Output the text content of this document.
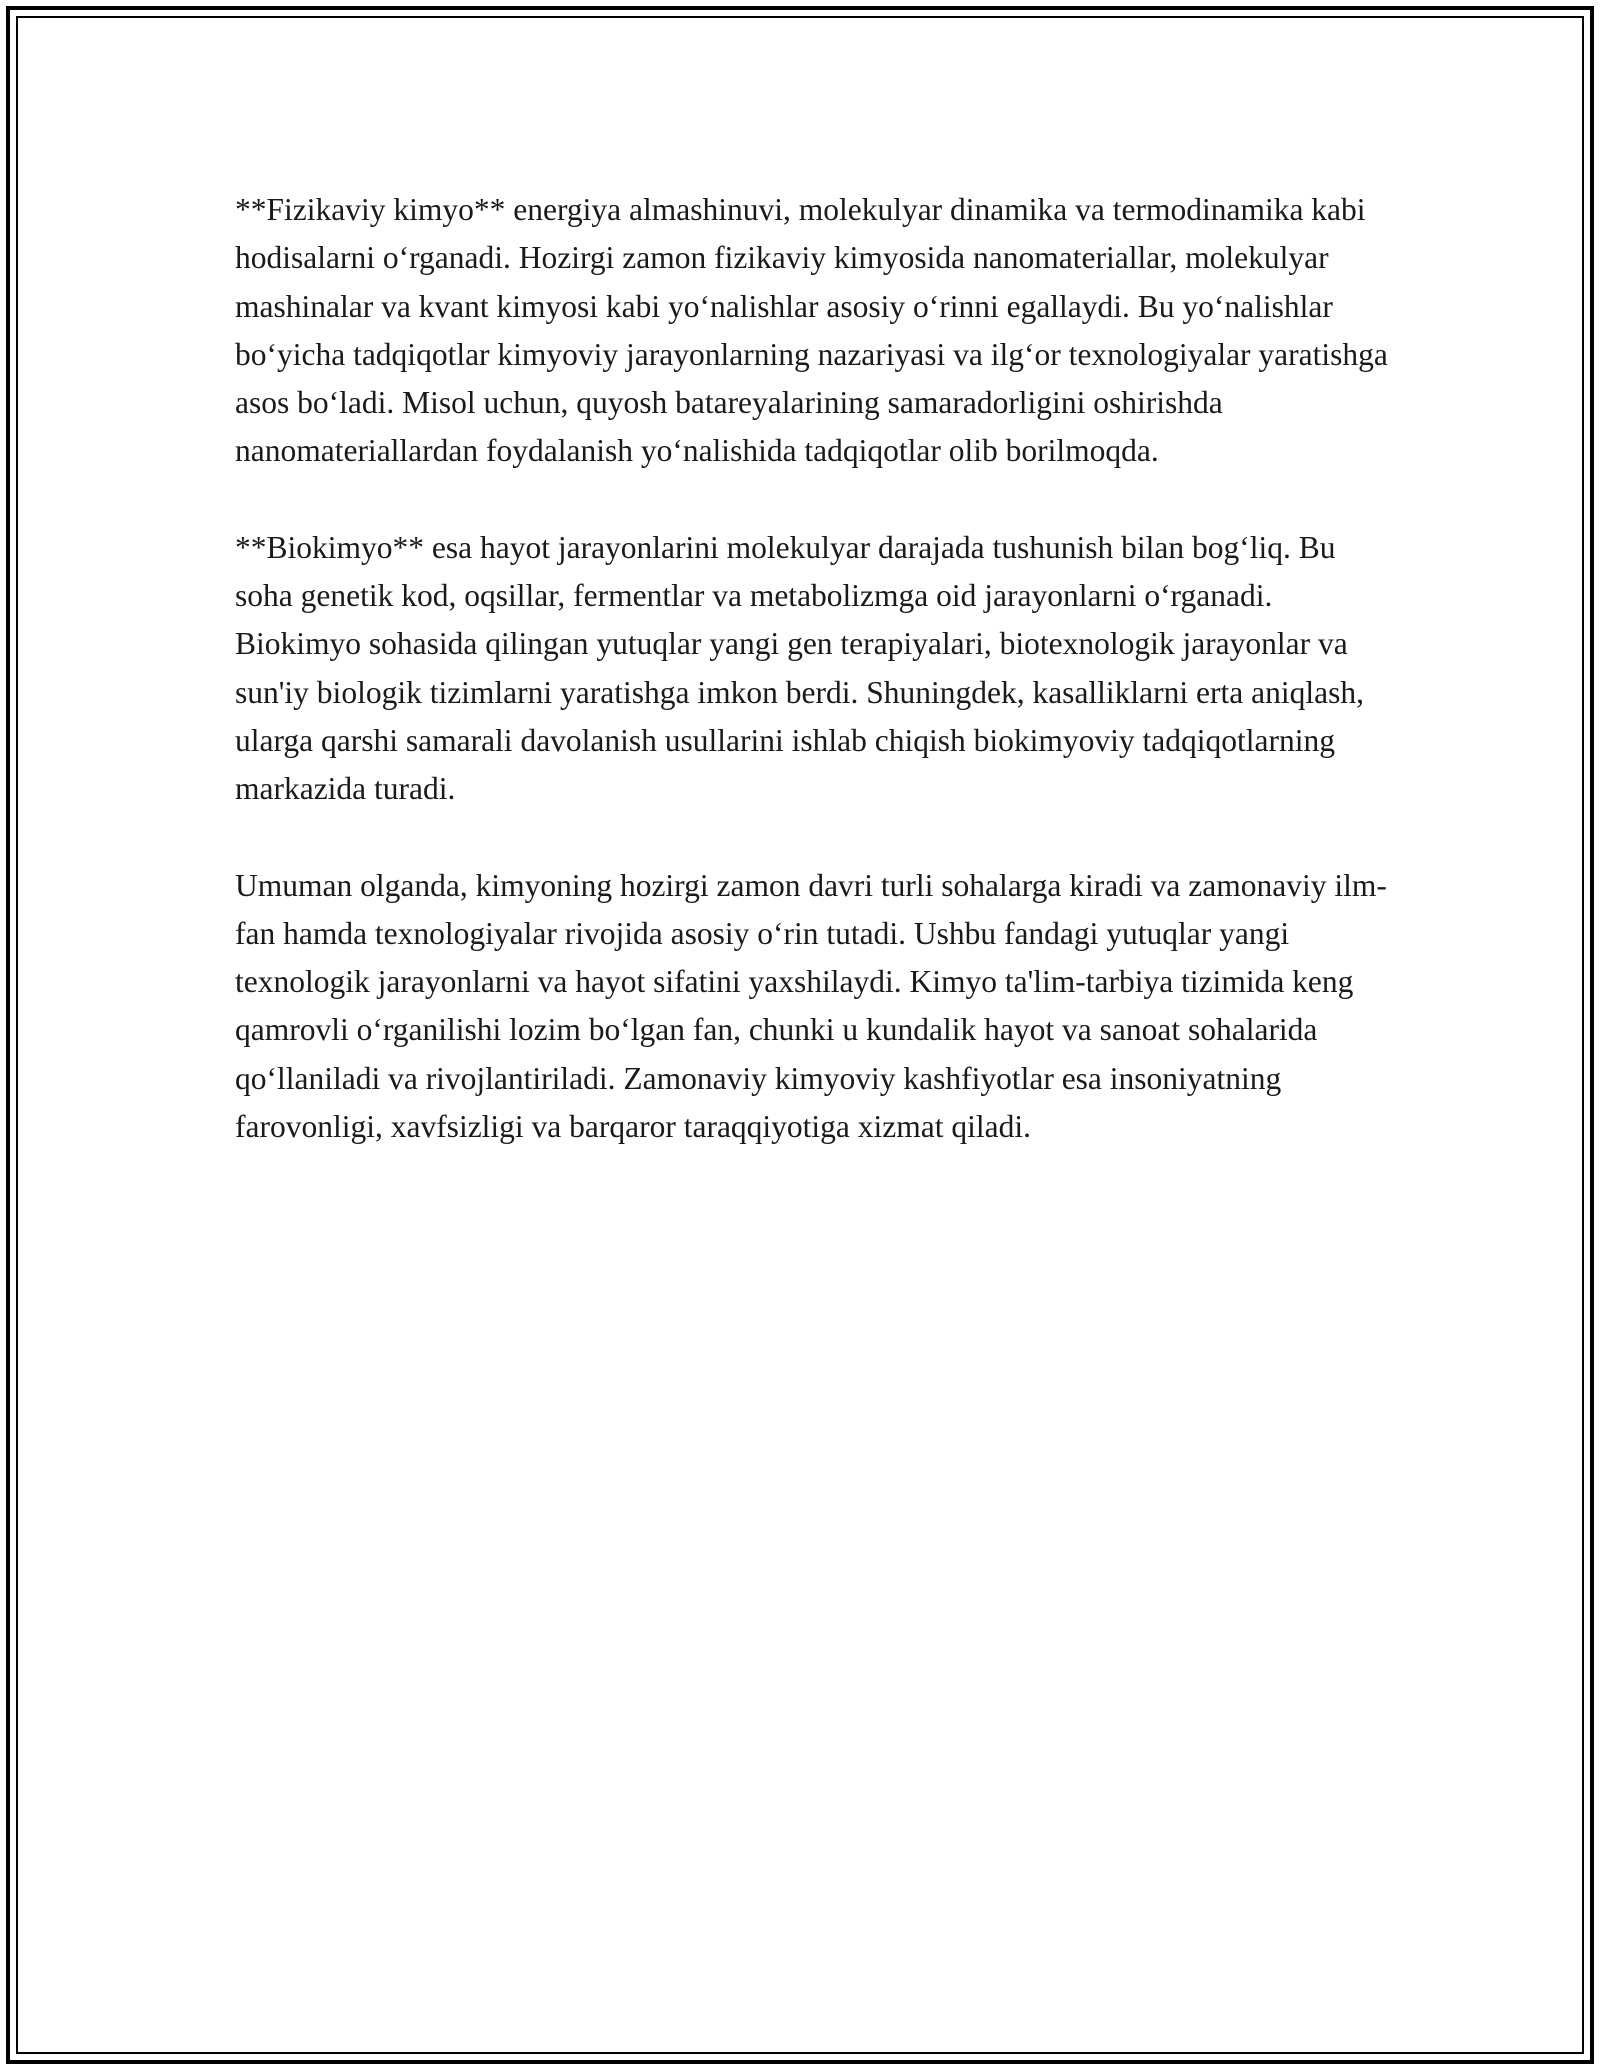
**Fizikaviy kimyo** energiya almashinuvi, molekulyar dinamika va termodinamika kabi hodisalarni o‘rganadi. Hozirgi zamon fizikaviy kimyosida nanomateriallar, molekulyar mashinalar va kvant kimyosi kabi yo‘nalishlar asosiy o‘rinni egallaydi. Bu yo‘nalishlar bo‘yicha tadqiqotlar kimyoviy jarayonlarning nazariyasi va ilg‘or texnologiyalar yaratishga asos bo‘ladi. Misol uchun, quyosh batareyalarining samaradorligini oshirishda nanomateriallardan foydalanish yo‘nalishida tadqiqotlar olib borilmoqda.

**Biokimyo** esa hayot jarayonlarini molekulyar darajada tushunish bilan bog‘liq. Bu soha genetik kod, oqsillar, fermentlar va metabolizmga oid jarayonlarni o‘rganadi. Biokimyo sohasida qilingan yutuqlar yangi gen terapiyalari, biotexnologik jarayonlar va sun'iy biologik tizimlarni yaratishga imkon berdi. Shuningdek, kasalliklarni erta aniqlash, ularga qarshi samarali davolanish usullarini ishlab chiqish biokimyoviy tadqiqotlarning markazida turadi.

Umuman olganda, kimyoning hozirgi zamon davri turli sohalarga kiradi va zamonaviy ilm-fan hamda texnologiyalar rivojida asosiy o‘rin tutadi. Ushbu fandagi yutuqlar yangi texnologik jarayonlarni va hayot sifatini yaxshilaydi. Kimyo ta'lim-tarbiya tizimida keng qamrovli o‘rganilishi lozim bo‘lgan fan, chunki u kundalik hayot va sanoat sohalarida qo‘llaniladi va rivojlantiriladi. Zamonaviy kimyoviy kashfiyotlar esa insoniyatning farovonligi, xavfsizligi va barqaror taraqqiyotiga xizmat qiladi.
